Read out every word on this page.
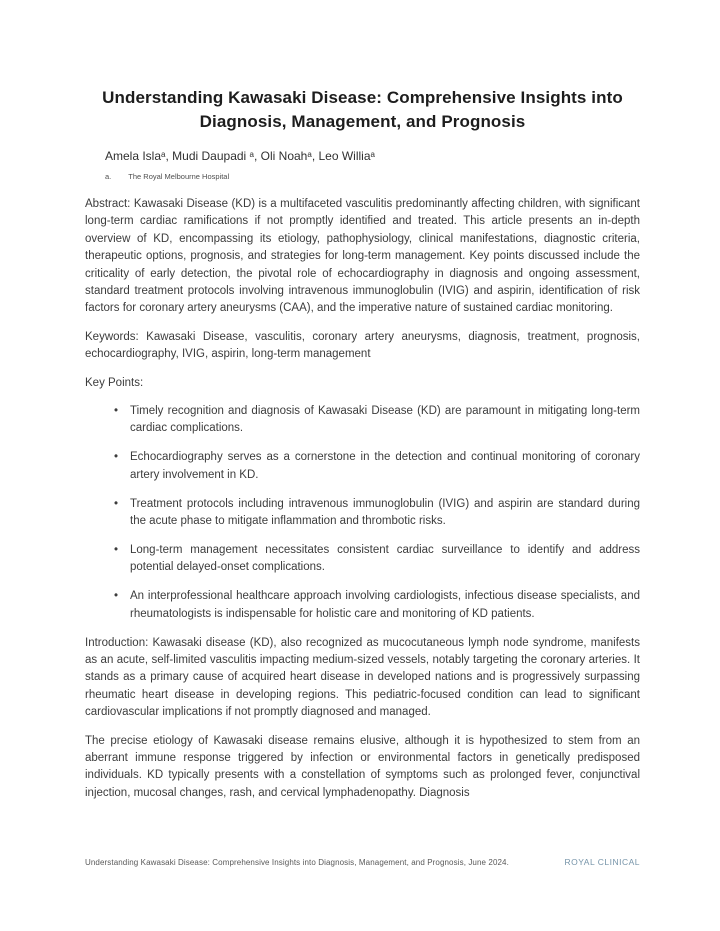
Understanding Kawasaki Disease: Comprehensive Insights into
Diagnosis, Management, and Prognosis
Amela Isla$^a$, Mudi Daupadi $^a$, Oli Noah$^a$, Leo Willia$^a$
a. The Royal Melbourne Hospital

Abstract: Kawasaki Disease (KD) is a multifaceted vasculitis predominantly affecting children, with significant long-term cardiac ramifications if not promptly identified and treated. This article presents an in-depth overview of KD, encompassing its etiology, pathophysiology, clinical manifestations, diagnostic criteria, therapeutic options, prognosis, and strategies for long-term management. Key points discussed include the criticality of early detection, the pivotal role of echocardiography in diagnosis and ongoing assessment, standard treatment protocols involving intravenous immunoglobulin (IVIG) and aspirin, identification of risk factors for coronary artery aneurysms (CAA), and the imperative nature of sustained cardiac monitoring.

Keywords: Kawasaki Disease, vasculitis, coronary artery aneurysms, diagnosis, treatment, prognosis, echocardiography, IVIG, aspirin, long-term management

Key Points:

• Timely recognition and diagnosis of Kawasaki Disease (KD) are paramount in mitigating long-term cardiac complications.
• Echocardiography serves as a cornerstone in the detection and continual monitoring of coronary artery involvement in KD.
• Treatment protocols including intravenous immunoglobulin (IVIG) and aspirin are standard during the acute phase to mitigate inflammation and thrombotic risks.
• Long-term management necessitates consistent cardiac surveillance to identify and address potential delayed-onset complications.
• An interprofessional healthcare approach involving cardiologists, infectious disease specialists, and rheumatologists is indispensable for holistic care and monitoring of KD patients.

Introduction: Kawasaki disease (KD), also recognized as mucocutaneous lymph node syndrome, manifests as an acute, self-limited vasculitis impacting medium-sized vessels, notably targeting the coronary arteries. It stands as a primary cause of acquired heart disease in developed nations and is progressively surpassing rheumatic heart disease in developing regions. This pediatric-focused condition can lead to significant cardiovascular implications if not promptly diagnosed and managed.

The precise etiology of Kawasaki disease remains elusive, although it is hypothesized to stem from an aberrant immune response triggered by infection or environmental factors in genetically predisposed individuals. KD typically presents with a constellation of symptoms such as prolonged fever, conjunctival injection, mucosal changes, rash, and cervical lymphadenopathy. Diagnosis

Understanding Kawasaki Disease: Comprehensive Insights into Diagnosis, Management, and Prognosis, June 2024.	ROYAL CLINICAL
